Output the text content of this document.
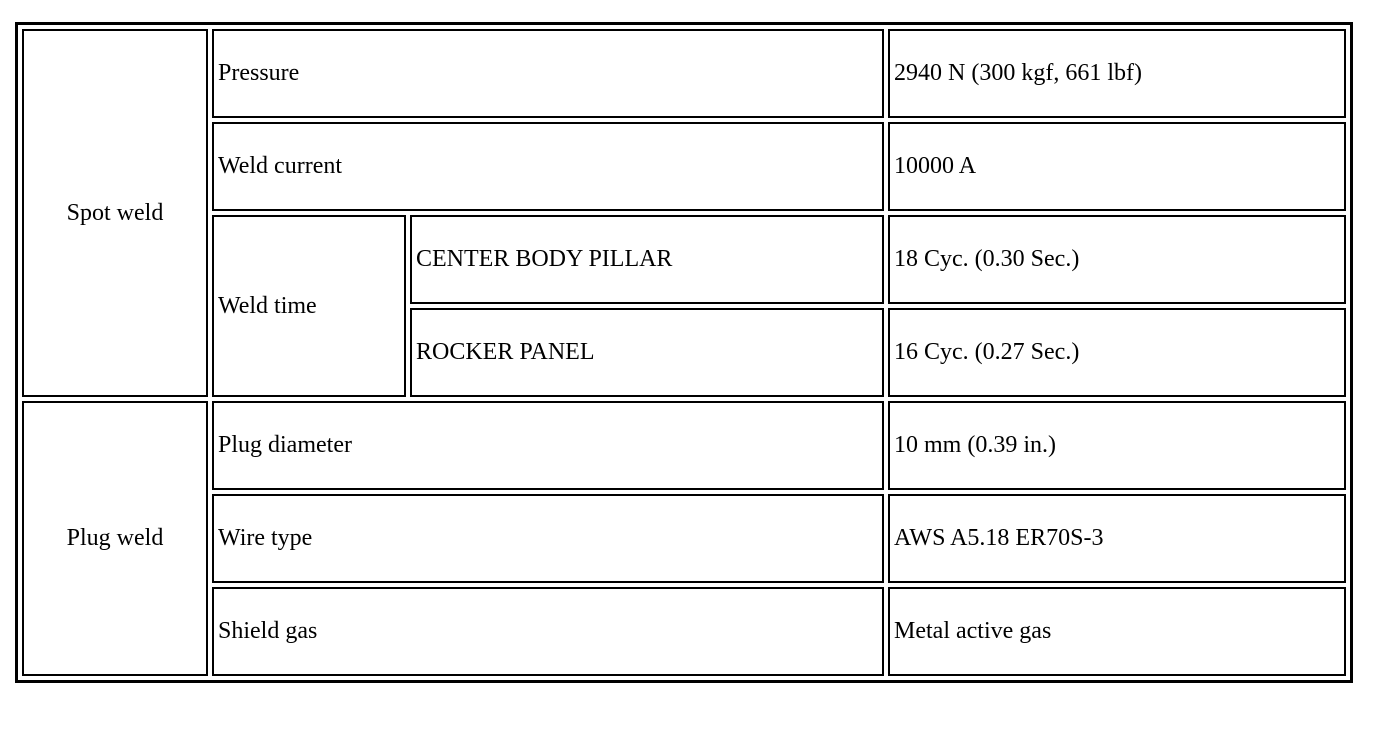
Spot weld	Pressure		2940 N (300 kgf, 661 lbf)
	Weld current		10000 A
	Weld time	CENTER BODY PILLAR	18 Cyc. (0.30 Sec.)
		ROCKER PANEL	16 Cyc. (0.27 Sec.)
Plug weld	Plug diameter		10 mm (0.39 in.)
	Wire type		AWS A5.18 ER70S-3
	Shield gas		Metal active gas
